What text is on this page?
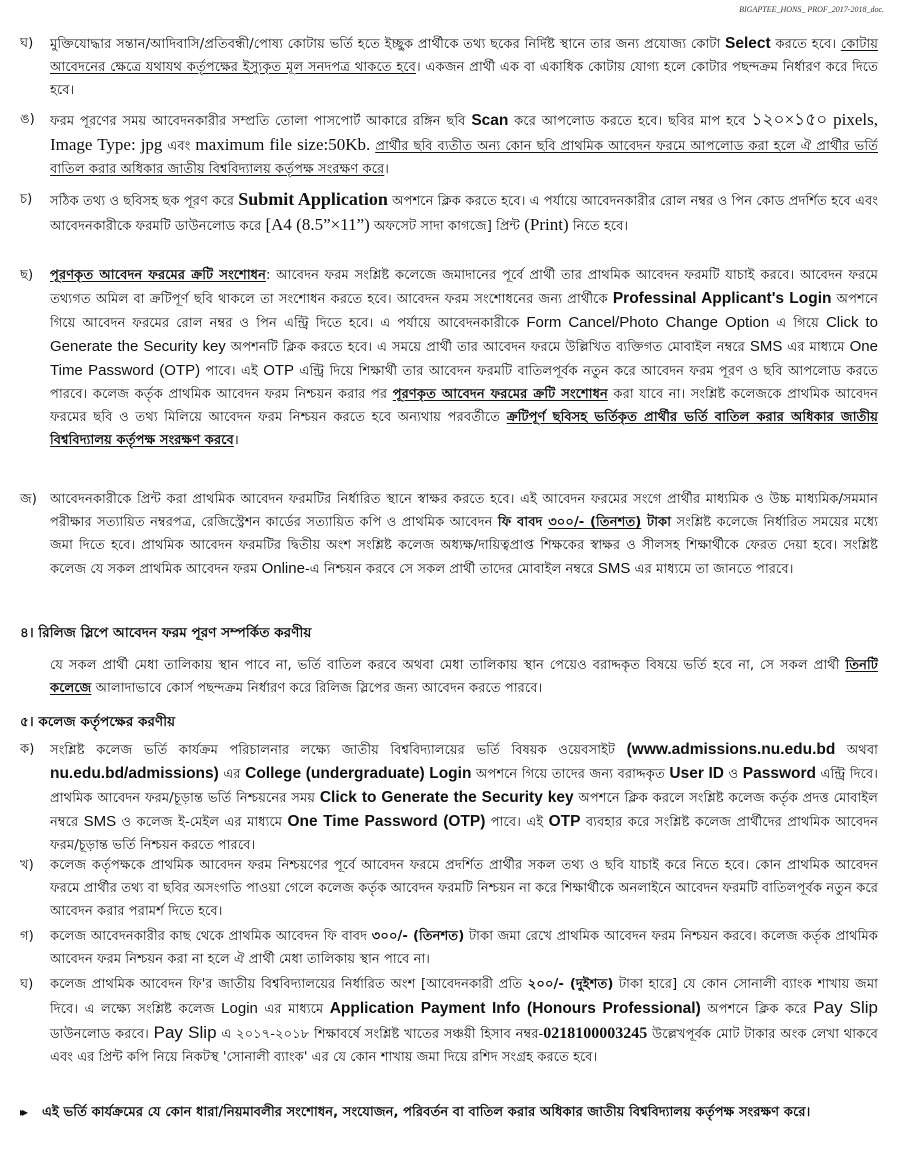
BIGAPTEE_HONS_ PROF_2017-2018_doc.
ঘ)	মুক্তিযোদ্ধার সন্তান/আদিবাসি/প্রতিবন্ধী/পোষ্য কোটায় ভর্তি হতে ইচ্ছুক প্রার্থীকে তথ্য ছকের নির্দিষ্ট স্থানে তার জন্য প্রযোজ্য কোটা Select করতে হবে। কোটায় আবেদনের ক্ষেত্রে যথাযথ কর্তৃপক্ষের ইস্যুকৃত মূল সনদপত্র থাকতে হবে। একজন প্রার্থী এক বা একাধিক কোটায় যোগ্য হলে কোটার পছন্দক্রম নির্ধারণ করে দিতে হবে।
ঙ)	ফরম পূরণের সময় আবেদনকারীর সম্প্রতি তোলা পাসপোর্ট আকারে রঙ্গিন ছবি Scan করে আপলোড করতে হবে। ছবির মাপ হবে ১২০×১৫০ pixels, Image Type: jpg এবং maximum file size:50Kb. প্রার্থীর ছবি ব্যতীত অন্য কোন ছবি প্রাথমিক আবেদন ফরমে আপলোড করা হলে ঐ প্রার্থীর ভর্তি বাতিল করার অধিকার জাতীয় বিশ্ববিদ্যালয় কর্তৃপক্ষ সংরক্ষণ করে।
চ)	সঠিক তথ্য ও ছবিসহ ছক পূরণ করে Submit Application অপশনে ক্লিক করতে হবে। এ পর্যায়ে আবেদনকারীর রোল নম্বর ও পিন কোড প্রদর্শিত হবে এবং আবেদনকারীকে ফরমটি ডাউনলোড করে [A4 (8.5”×11”) অফসেট সাদা কাগজে] প্রিন্ট (Print) নিতে হবে।
ছ)	পূরণকৃত আবেদন ফরমের ক্রটি সংশোধন: আবেদন ফরম সংশ্লিষ্ট কলেজে জমাদানের পূর্বে প্রার্থী তার প্রাথমিক আবেদন ফরমটি যাচাই করবে। আবেদন ফরমে তথ্যগত অমিল বা ক্রটিপূর্ণ ছবি থাকলে তা সংশোধন করতে হবে। আবেদন ফরম সংশোধনের জন্য প্রার্থীকে Professinal Applicant's Login অপশনে গিয়ে আবেদন ফরমের রোল নম্বর ও পিন এন্ট্রি দিতে হবে। এ পর্যায়ে আবেদনকারীকে Form Cancel/Photo Change Option এ গিয়ে Click to Generate the Security key অপশনটি ক্লিক করতে হবে। এ সময়ে প্রার্থী তার আবেদন ফরমে উল্লিখিত ব্যক্তিগত মোবাইল নম্বরে SMS এর মাধ্যমে One Time Password (OTP) পাবে। এই OTP এন্ট্রি দিয়ে শিক্ষার্থী তার আবেদন ফরমটি বাতিলপূর্বক নতুন করে আবেদন ফরম পূরণ ও ছবি আপলোড করতে পারবে। কলেজ কর্তৃক প্রাথমিক আবেদন ফরম নিশ্চয়ন করার পর পূরণকৃত আবেদন ফরমের ক্রটি সংশোধন করা যাবে না। সংশ্লিষ্ট কলেজকে প্রাথমিক আবেদন ফরমের ছবি ও তথ্য মিলিয়ে আবেদন ফরম নিশ্চয়ন করতে হবে অন্যথায় পরবর্তীতে ক্রটিপূর্ণ ছবিসহ ভর্তিকৃত প্রার্থীর ভর্তি বাতিল করার অধিকার জাতীয় বিশ্ববিদ্যালয় কর্তৃপক্ষ সংরক্ষণ করবে।
জ) আবেদনকারীকে প্রিন্ট করা প্রাথমিক আবেদন ফরমটির নির্ধারিত স্থানে স্বাক্ষর করতে হবে। এই আবেদন ফরমের সংগে প্রার্থীর মাধ্যমিক ও উচ্চ মাধ্যমিক/সমমান পরীক্ষার সত্যায়িত নম্বরপত্র, রেজিস্ট্রেশন কার্ডের সত্যায়িত কপি ও প্রাথমিক আবেদন ফি বাবদ ৩০০/- (তিনশত) টাকা সংশ্লিষ্ট কলেজে নির্ধারিত সময়ের মধ্যে জমা দিতে হবে। প্রাথমিক আবেদন ফরমটির দ্বিতীয় অংশ সংশ্লিষ্ট কলেজ অধ্যক্ষ/দায়িত্বপ্রাপ্ত শিক্ষকের স্বাক্ষর ও সীলসহ শিক্ষার্থীকে ফেরত দেয়া হবে। সংশ্লিষ্ট কলেজ যে সকল প্রাথমিক আবেদন ফরম Online-এ নিশ্চয়ন করবে সে সকল প্রার্থী তাদের মোবাইল নম্বরে SMS এর মাধ্যমে তা জানতে পারবে।
৪। রিলিজ স্লিপে আবেদন ফরম পূরণ সম্পর্কিত করণীয়
যে সকল প্রার্থী মেধা তালিকায় স্থান পাবে না, ভর্তি বাতিল করবে অথবা মেধা তালিকায় স্থান পেয়েও বরাদ্দকৃত বিষয়ে ভর্তি হবে না, সে সকল প্রার্থী তিনটি কলেজে আলাদাভাবে কোর্স পছন্দক্রম নির্ধারণ করে রিলিজ স্লিপের জন্য আবেদন করতে পারবে।
৫। কলেজ কর্তৃপক্ষের করণীয়
ক)	সংশ্লিষ্ট কলেজ ভর্তি কার্যক্রম পরিচালনার লক্ষ্যে জাতীয় বিশ্ববিদ্যালয়ের ভর্তি বিষয়ক ওয়েবসাইট (www.admissions.nu.edu.bd অথবা nu.edu.bd/admissions) এর College (undergraduate) Login অপশনে গিয়ে তাদের জন্য বরাদ্দকৃত User ID ও Password এন্ট্রি দিবে। প্রাথমিক আবেদন ফরম/চূড়ান্ত ভর্তি নিশ্চয়নের সময় Click to Generate the Security key অপশনে ক্লিক করলে সংশ্লিষ্ট কলেজ কর্তৃক প্রদত্ত মোবাইল নম্বরে SMS ও কলেজ ই-মেইল এর মাধ্যমে One Time Password (OTP) পাবে। এই OTP ব্যবহার করে সংশ্লিষ্ট কলেজ প্রার্থীদের প্রাথমিক আবেদন ফরম/চূড়ান্ত ভর্তি নিশ্চয়ন করতে পারবে।
খ)	কলেজ কর্তৃপক্ষকে প্রাথমিক আবেদন ফরম নিশ্চয়ণের পূর্বে আবেদন ফরমে প্রদর্শিত প্রার্থীর সকল তথ্য ও ছবি যাচাই করে নিতে হবে। কোন প্রাথমিক আবেদন ফরমে প্রার্থীর তথ্য বা ছবির অসংগতি পাওয়া গেলে কলেজ কর্তৃক আবেদন ফরমটি নিশ্চয়ন না করে শিক্ষার্থীকে অনলাইনে আবেদন ফরমটি বাতিলপূর্বক নতুন করে আবেদন করার পরামর্শ দিতে হবে।
গ)	কলেজ আবেদনকারীর কাছ থেকে প্রাথমিক আবেদন ফি বাবদ ৩০০/- (তিনশত) টাকা জমা রেখে প্রাথমিক আবেদন ফরম নিশ্চয়ন করবে। কলেজ কর্তৃক প্রাথমিক আবেদন ফরম নিশ্চয়ন করা না হলে ঐ প্রার্থী মেধা তালিকায় স্থান পাবে না।
ঘ)	কলেজ প্রাথমিক আবেদন ফি'র জাতীয় বিশ্ববিদ্যালয়ের নির্ধারিত অংশ [আবেদনকারী প্রতি ২০০/- (দুইশত) টাকা হারে] যে কোন সোনালী ব্যাংক শাখায় জমা দিবে। এ লক্ষ্যে সংশ্লিষ্ট কলেজ Login এর মাধ্যমে Application Payment Info (Honours Professional) অপশনে ক্লিক করে Pay Slip ডাউনলোড করবে। Pay Slip এ ২০১৭-২০১৮ শিক্ষাবর্ষে সংশ্লিষ্ট খাতের সঞ্চয়ী হিসাব নম্বর-0218100003245 উল্লেখপূর্বক মোট টাকার অংক লেখা থাকবে এবং এর প্রিন্ট কপি নিয়ে নিকটস্থ 'সোনালী ব্যাংক' এর যে কোন শাখায় জমা দিয়ে রশিদ সংগ্রহ করতে হবে।
▸▸	এই ভর্তি কার্যক্রমের যে কোন ধারা/নিয়মাবলীর সংশোধন, সংযোজন, পরিবর্তন বা বাতিল করার অধিকার জাতীয় বিশ্ববিদ্যালয় কর্তৃপক্ষ সংরক্ষণ করে।
